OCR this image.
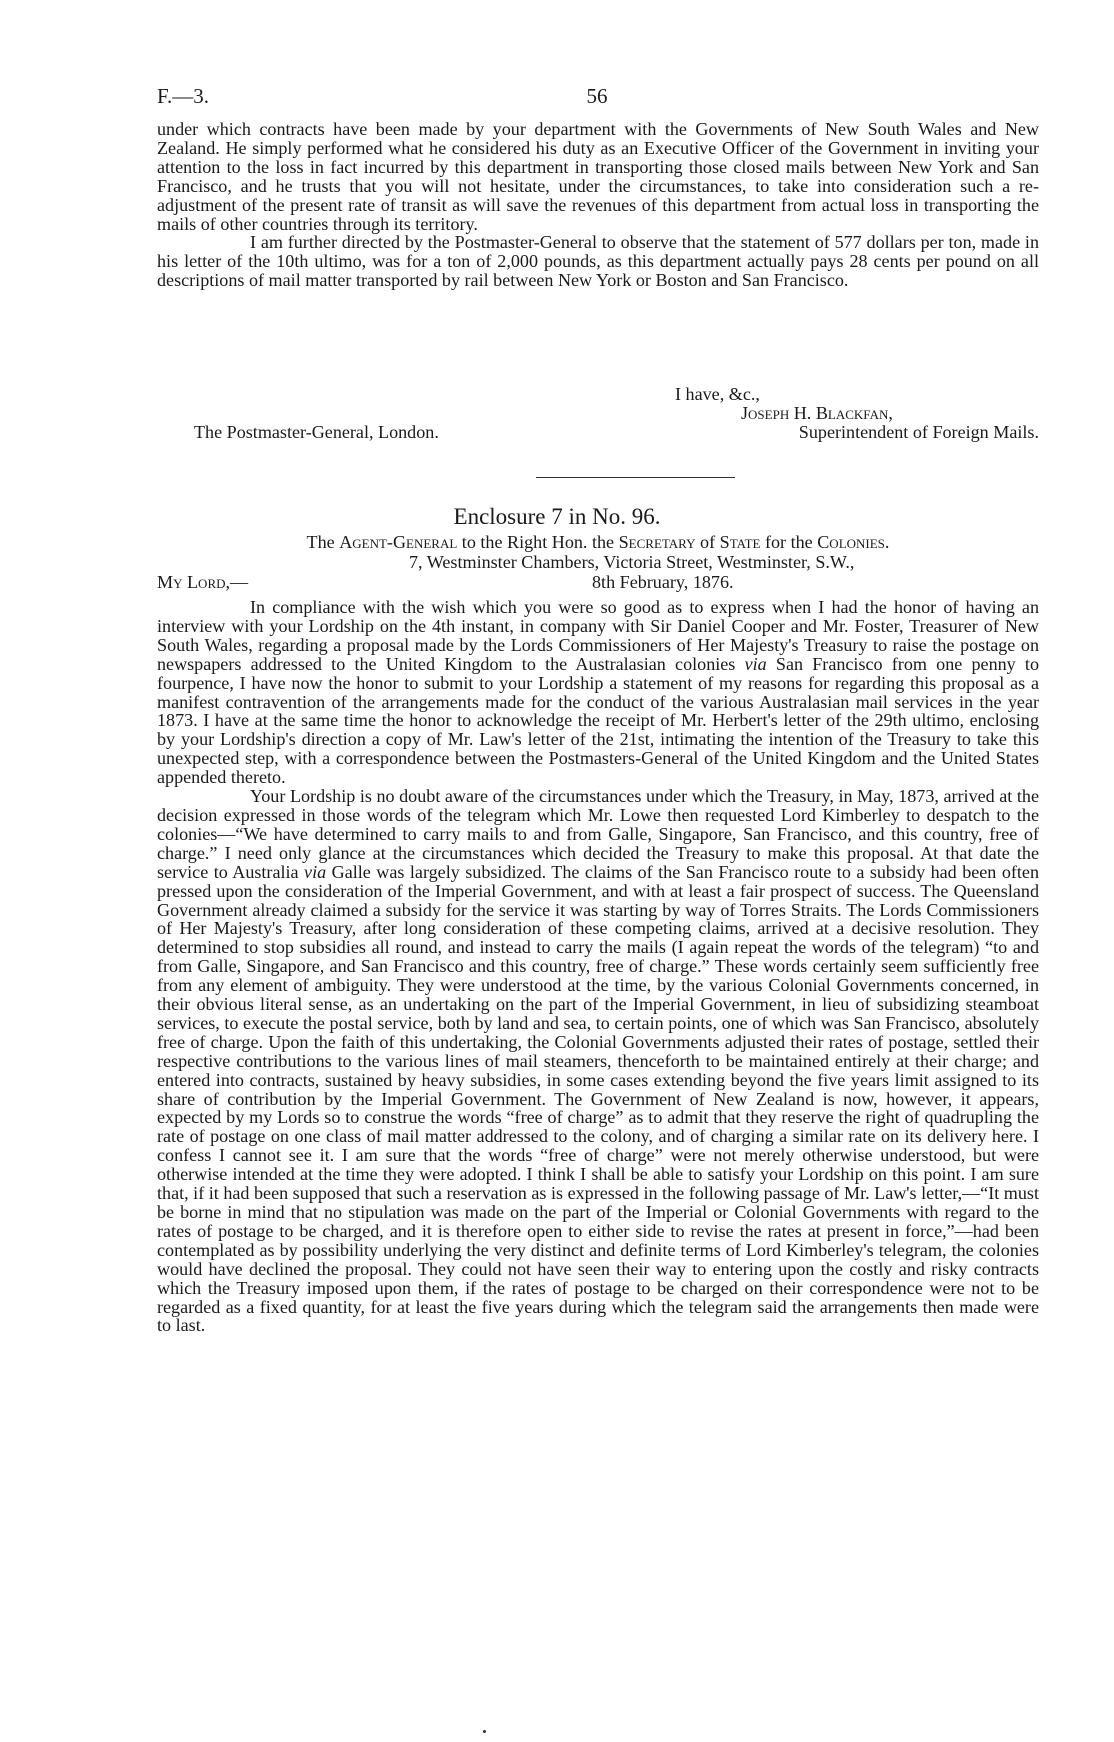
F.—3.	56

under which contracts have been made by your department with the Governments of New South Wales and New Zealand. He simply performed what he considered his duty as an Executive Officer of the Government in inviting your attention to the loss in fact incurred by this department in transporting those closed mails between New York and San Francisco, and he trusts that you will not hesitate, under the circumstances, to take into consideration such a re-adjustment of the present rate of transit as will save the revenues of this department from actual loss in transporting the mails of other countries through its territory.

I am further directed by the Postmaster-General to observe that the statement of 577 dollars per ton, made in his letter of the 10th ultimo, was for a ton of 2,000 pounds, as this department actually pays 28 cents per pound on all descriptions of mail matter transported by rail between New York or Boston and San Francisco.

I have, &c.,
Joseph H. Blackfan,
The Postmaster-General, London.	Superintendent of Foreign Mails.
Enclosure 7 in No. 96.
The Agent-General to the Right Hon. the Secretary of State for the Colonies.
7, Westminster Chambers, Victoria Street, Westminster, S.W.,
My Lord,—	8th February, 1876.

In compliance with the wish which you were so good as to express when I had the honor of having an interview with your Lordship on the 4th instant, in company with Sir Daniel Cooper and Mr. Foster, Treasurer of New South Wales, regarding a proposal made by the Lords Commissioners of Her Majesty's Treasury to raise the postage on newspapers addressed to the United Kingdom to the Australasian colonies via San Francisco from one penny to fourpence, I have now the honor to submit to your Lordship a statement of my reasons for regarding this proposal as a manifest contravention of the arrangements made for the conduct of the various Australasian mail services in the year 1873. I have at the same time the honor to acknowledge the receipt of Mr. Herbert's letter of the 29th ultimo, enclosing by your Lordship's direction a copy of Mr. Law's letter of the 21st, intimating the intention of the Treasury to take this unexpected step, with a correspondence between the Postmasters-General of the United Kingdom and the United States appended thereto.

Your Lordship is no doubt aware of the circumstances under which the Treasury, in May, 1873, arrived at the decision expressed in those words of the telegram which Mr. Lowe then requested Lord Kimberley to despatch to the colonies—“We have determined to carry mails to and from Galle, Singapore, San Francisco, and this country, free of charge.” I need only glance at the circumstances which decided the Treasury to make this proposal. At that date the service to Australia via Galle was largely subsidized. The claims of the San Francisco route to a subsidy had been often pressed upon the consideration of the Imperial Government, and with at least a fair prospect of success. The Queensland Government already claimed a subsidy for the service it was starting by way of Torres Straits. The Lords Commissioners of Her Majesty's Treasury, after long consideration of these competing claims, arrived at a decisive resolution. They determined to stop subsidies all round, and instead to carry the mails (I again repeat the words of the telegram) “to and from Galle, Singapore, and San Francisco and this country, free of charge.” These words certainly seem sufficiently free from any element of ambiguity. They were understood at the time, by the various Colonial Governments concerned, in their obvious literal sense, as an undertaking on the part of the Imperial Government, in lieu of subsidizing steamboat services, to execute the postal service, both by land and sea, to certain points, one of which was San Francisco, absolutely free of charge. Upon the faith of this undertaking, the Colonial Governments adjusted their rates of postage, settled their respective contributions to the various lines of mail steamers, thenceforth to be maintained entirely at their charge; and entered into contracts, sustained by heavy subsidies, in some cases extending beyond the five years limit assigned to its share of contribution by the Imperial Government. The Government of New Zealand is now, however, it appears, expected by my Lords so to construe the words “free of charge” as to admit that they reserve the right of quadrupling the rate of postage on one class of mail matter addressed to the colony, and of charging a similar rate on its delivery here. I confess I cannot see it. I am sure that the words “free of charge” were not merely otherwise understood, but were otherwise intended at the time they were adopted. I think I shall be able to satisfy your Lordship on this point. I am sure that, if it had been supposed that such a reservation as is expressed in the following passage of Mr. Law's letter,—“It must be borne in mind that no stipulation was made on the part of the Imperial or Colonial Governments with regard to the rates of postage to be charged, and it is therefore open to either side to revise the rates at present in force,”—had been contemplated as by possibility underlying the very distinct and definite terms of Lord Kimberley's telegram, the colonies would have declined the proposal. They could not have seen their way to entering upon the costly and risky contracts which the Treasury imposed upon them, if the rates of postage to be charged on their correspondence were not to be regarded as a fixed quantity, for at least the five years during which the telegram said the arrangements then made were to last.
